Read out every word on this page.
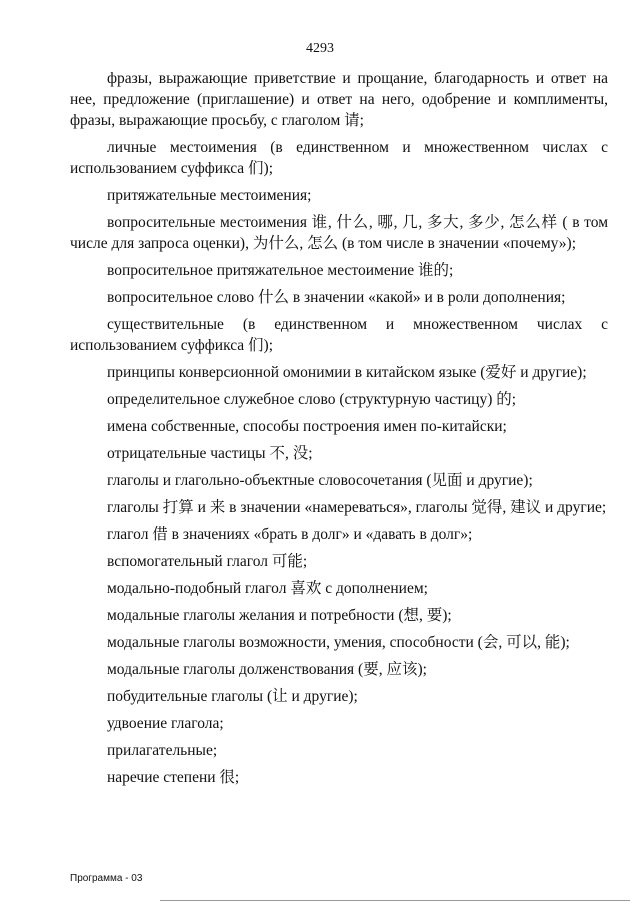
4293

фразы, выражающие приветствие и прощание, благодарность и ответ на нее, предложение (приглашение) и ответ на него, одобрение и комплименты, фразы, выражающие просьбу, с глаголом 请;

личные местоимения (в единственном и множественном числах с использованием суффикса 们);

притяжательные местоимения;

вопросительные местоимения 谁, 什么, 哪, 几, 多大, 多少, 怎么样 ( в том числе для запроса оценки), 为什么, 怎么 (в том числе в значении «почему»);

вопросительное притяжательное местоимение 谁的;

вопросительное слово 什么 в значении «какой» и в роли дополнения;

существительные (в единственном и множественном числах с использованием суффикса 们);

принципы конверсионной омонимии в китайском языке (爱好 и другие);

определительное служебное слово (структурную частицу) 的;

имена собственные, способы построения имен по-китайски;

отрицательные частицы 不, 没;

глаголы и глагольно-объектные словосочетания (见面 и другие);

глаголы 打算 и 来 в значении «намереваться», глаголы 觉得, 建议 и другие;

глагол 借 в значениях «брать в долг» и «давать в долг»;

вспомогательный глагол 可能;

модально-подобный глагол 喜欢 с дополнением;

модальные глаголы желания и потребности (想, 要);

модальные глаголы возможности, умения, способности (会, 可以, 能);

модальные глаголы долженствования (要, 应该);

побудительные глаголы (让 и другие);

удвоение глагола;

прилагательные;

наречие степени 很;

Программа - 03
